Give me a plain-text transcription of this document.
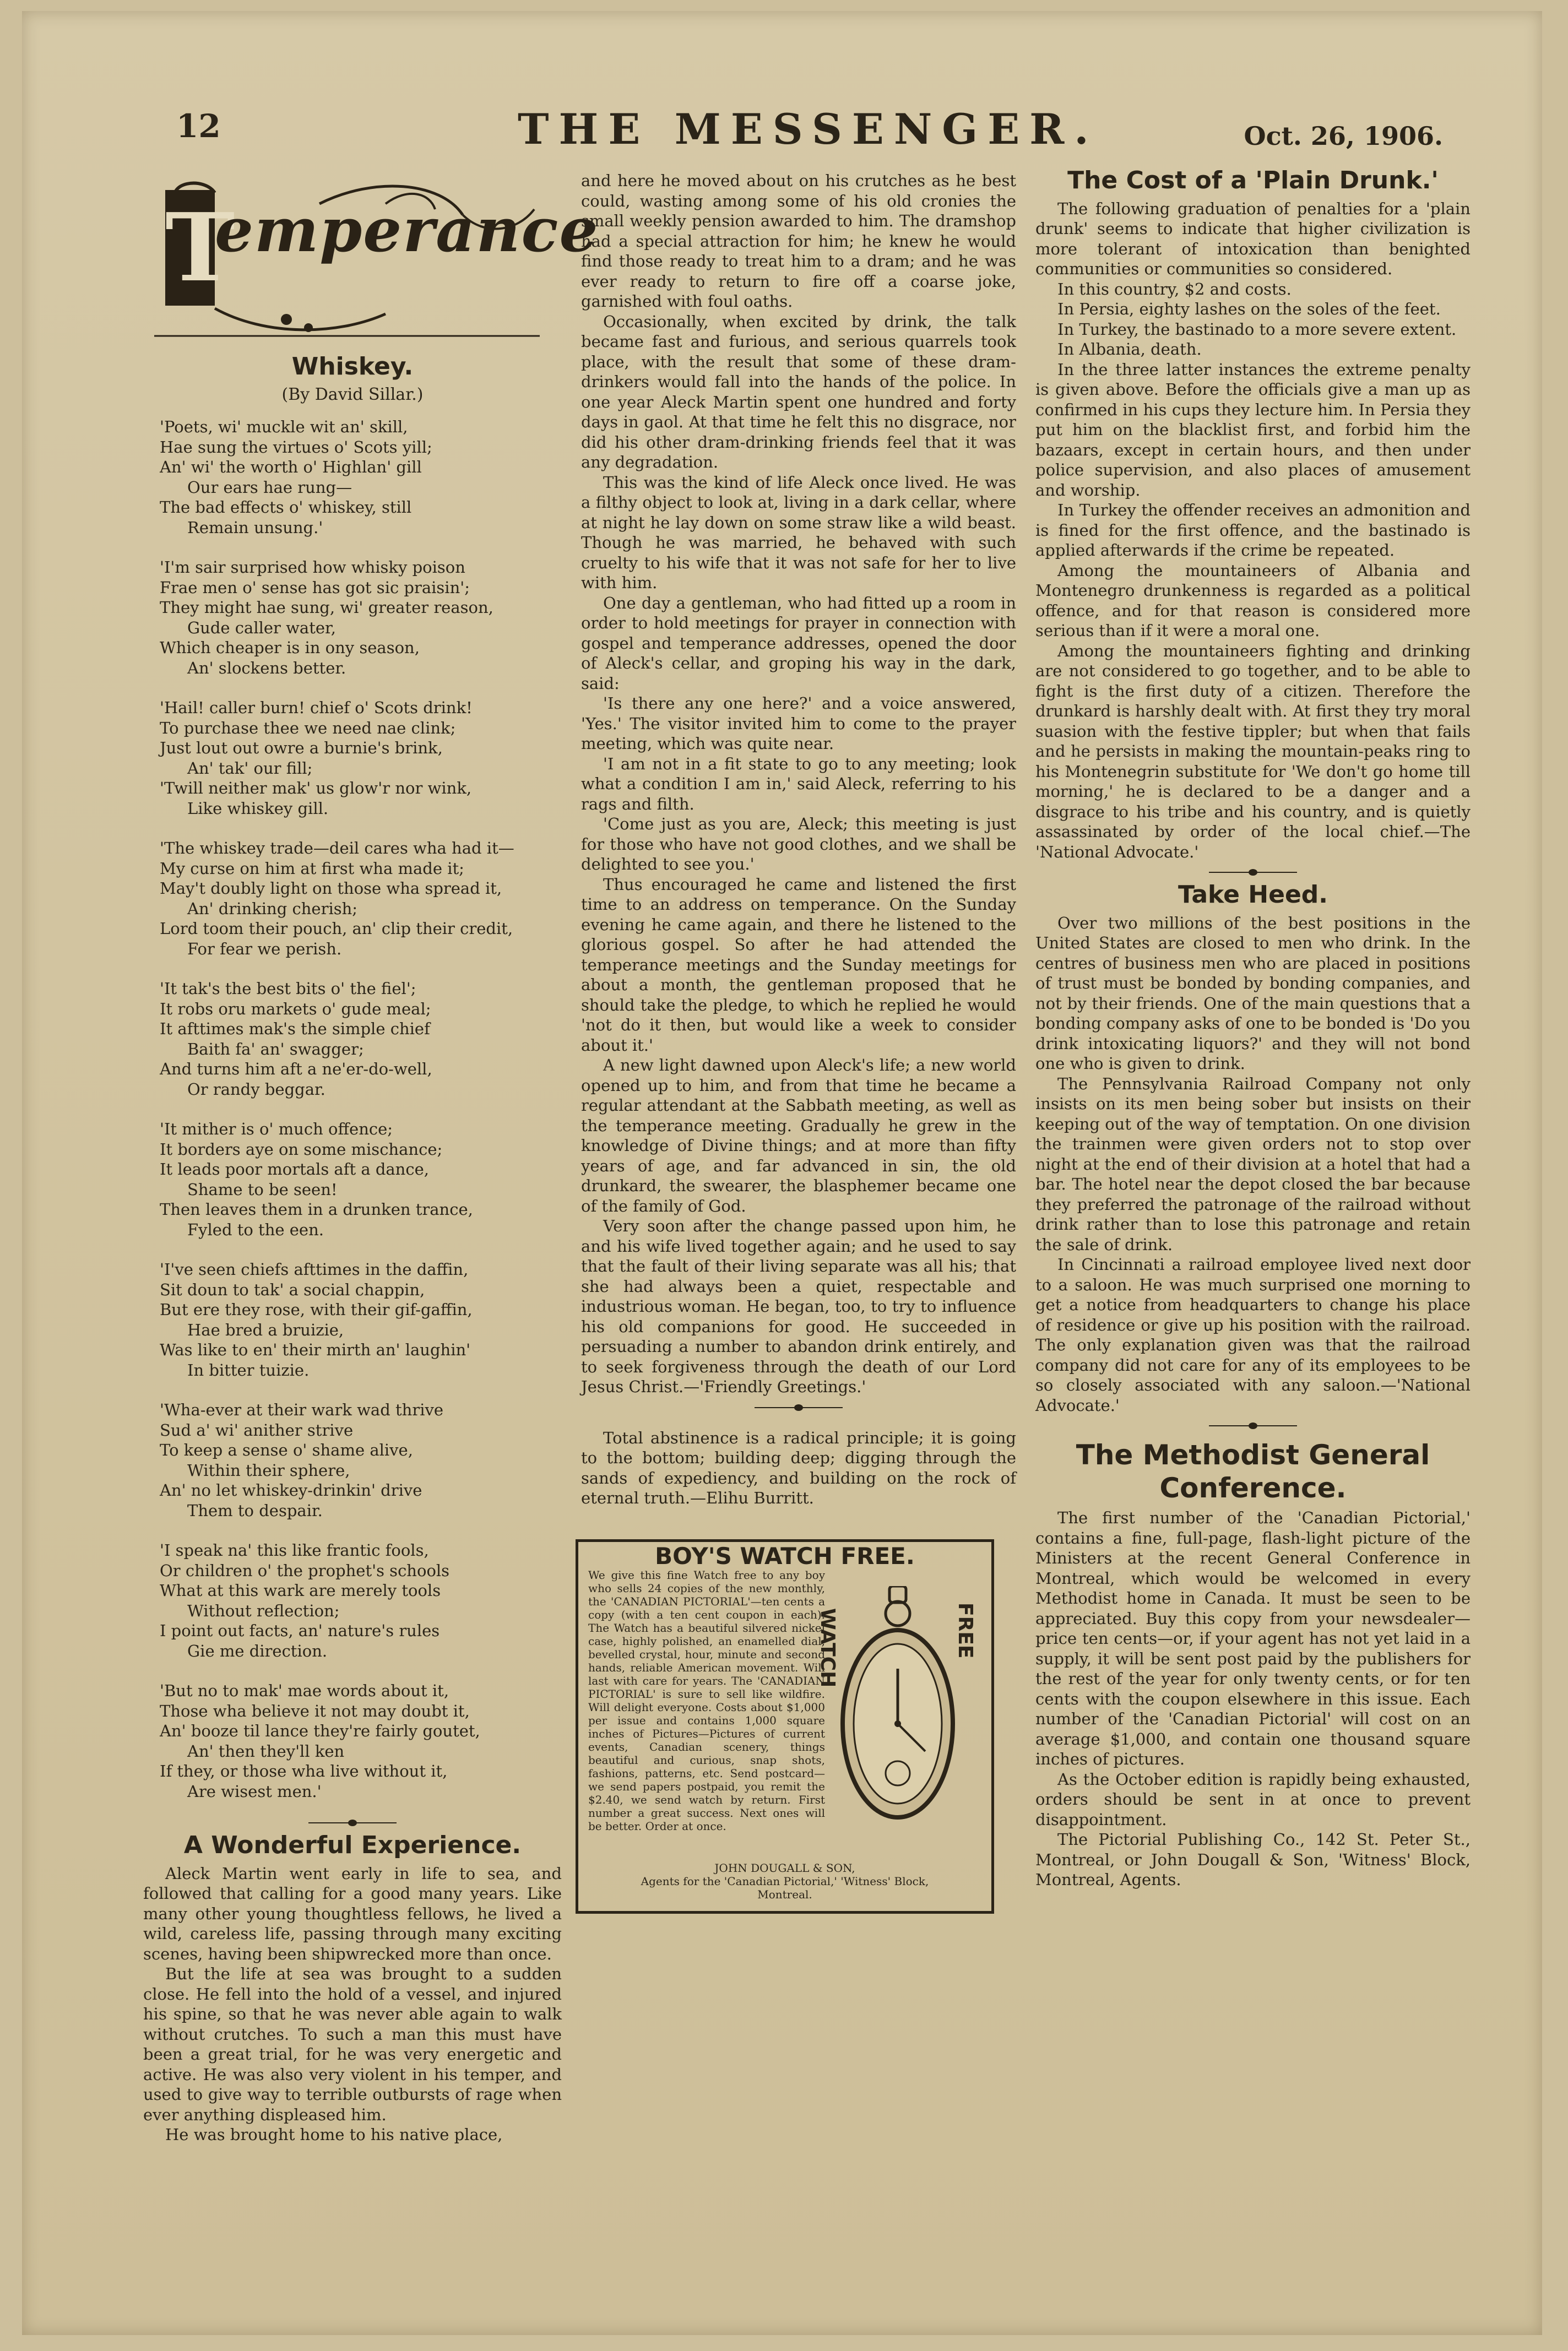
12	THE MESSENGER.	Oct. 26, 1906.
T
emperance
Whiskey.
(By David Sillar.)
'Poets, wi' muckle wit an' skill,
Hae sung the virtues o' Scots yill;
An' wi' the worth o' Highlan' gill
Our ears hae rung—
The bad effects o' whiskey, still
Remain unsung.'
'I'm sair surprised how whisky poison
Frae men o' sense has got sic praisin';
They might hae sung, wi' greater reason,
Gude caller water,
Which cheaper is in ony season,
An' slockens better.
'Hail! caller burn! chief o' Scots drink!
To purchase thee we need nae clink;
Just lout out owre a burnie's brink,
An' tak' our fill;
'Twill neither mak' us glow'r nor wink,
Like whiskey gill.
'The whiskey trade—deil cares wha had it—
My curse on him at first wha made it;
May't doubly light on those wha spread it,
An' drinking cherish;
Lord toom their pouch, an' clip their credit,
For fear we perish.
'It tak's the best bits o' the fiel';
It robs oru markets o' gude meal;
It afttimes mak's the simple chief
Baith fa' an' swagger;
And turns him aft a ne'er-do-well,
Or randy beggar.
'It mither is o' much offence;
It borders aye on some mischance;
It leads poor mortals aft a dance,
Shame to be seen!
Then leaves them in a drunken trance,
Fyled to the een.
'I've seen chiefs afttimes in the daffin,
Sit doun to tak' a social chappin,
But ere they rose, with their gif-gaffin,
Hae bred a bruizie,
Was like to en' their mirth an' laughin'
In bitter tuizie.
'Wha-ever at their wark wad thrive
Sud a' wi' anither strive
To keep a sense o' shame alive,
Within their sphere,
An' no let whiskey-drinkin' drive
Them to despair.
'I speak na' this like frantic fools,
Or children o' the prophet's schools
What at this wark are merely tools
Without reflection;
I point out facts, an' nature's rules
Gie me direction.
'But no to mak' mae words about it,
Those wha believe it not may doubt it,
An' booze til lance they're fairly goutet,
An' then they'll ken
If they, or those wha live without it,
Are wisest men.'
A Wonderful Experience.

Aleck Martin went early in life to sea, and followed that calling for a good many years. Like many other young thoughtless fellows, he lived a wild, careless life, passing through many exciting scenes, having been shipwrecked more than once.

But the life at sea was brought to a sudden close. He fell into the hold of a vessel, and injured his spine, so that he was never able again to walk without crutches. To such a man this must have been a great trial, for he was very energetic and active. He was also very violent in his temper, and used to give way to terrible outbursts of rage when ever anything displeased him.

He was brought home to his native place,

and here he moved about on his crutches as he best could, wasting among some of his old cronies the small weekly pension awarded to him. The dramshop had a special attraction for him; he knew he would find those ready to treat him to a dram; and he was ever ready to return to fire off a coarse joke, garnished with foul oaths.

Occasionally, when excited by drink, the talk became fast and furious, and serious quarrels took place, with the result that some of these dram-drinkers would fall into the hands of the police. In one year Aleck Martin spent one hundred and forty days in gaol. At that time he felt this no disgrace, nor did his other dram-drinking friends feel that it was any degradation.

This was the kind of life Aleck once lived. He was a filthy object to look at, living in a dark cellar, where at night he lay down on some straw like a wild beast. Though he was married, he behaved with such cruelty to his wife that it was not safe for her to live with him.

One day a gentleman, who had fitted up a room in order to hold meetings for prayer in connection with gospel and temperance addresses, opened the door of Aleck's cellar, and groping his way in the dark, said:

'Is there any one here?' and a voice answered, 'Yes.' The visitor invited him to come to the prayer meeting, which was quite near.

'I am not in a fit state to go to any meeting; look what a condition I am in,' said Aleck, referring to his rags and filth.

'Come just as you are, Aleck; this meeting is just for those who have not good clothes, and we shall be delighted to see you.'

Thus encouraged he came and listened the first time to an address on temperance. On the Sunday evening he came again, and there he listened to the glorious gospel. So after he had attended the temperance meetings and the Sunday meetings for about a month, the gentleman proposed that he should take the pledge, to which he replied he would 'not do it then, but would like a week to consider about it.'

A new light dawned upon Aleck's life; a new world opened up to him, and from that time he became a regular attendant at the Sabbath meeting, as well as the temperance meeting. Gradually he grew in the knowledge of Divine things; and at more than fifty years of age, and far advanced in sin, the old drunkard, the swearer, the blasphemer became one of the family of God.

Very soon after the change passed upon him, he and his wife lived together again; and he used to say that the fault of their living separate was all his; that she had always been a quiet, respectable and industrious woman. He began, too, to try to influence his old companions for good. He succeeded in persuading a number to abandon drink entirely, and to seek forgiveness through the death of our Lord Jesus Christ.—'Friendly Greetings.'

Total abstinence is a radical principle; it is going to the bottom; building deep; digging through the sands of expediency, and building on the rock of eternal truth.—Elihu Burritt.

BOY'S WATCH FREE.
We give this fine Watch free to any boy who sells 24 copies of the new monthly, the 'CANADIAN PICTORIAL'—ten cents a copy (with a ten cent coupon in each). The Watch has a beautiful silvered nickel case, highly polished, an enamelled dial, bevelled crystal, hour, minute and second hands, reliable American movement. Will last with care for years. The 'CANADIAN PICTORIAL' is sure to sell like wildfire. Will delight everyone. Costs about $1,000 per issue and contains 1,000 square inches of Pictures—Pictures of current events, Canadian scenery, things beautiful and curious, snap shots, fashions, patterns, etc. Send postcard—we send papers postpaid, you remit the $2.40, we send watch by return. First number a great success. Next ones will be better. Order at once.
WATCH	FREE
JOHN DOUGALL & SON,
Agents for the 'Canadian Pictorial,' 'Witness' Block,
Montreal.
The Cost of a 'Plain Drunk.'

The following graduation of penalties for a 'plain drunk' seems to indicate that higher civilization is more tolerant of intoxication than benighted communities or communities so considered.

In this country, $2 and costs.

In Persia, eighty lashes on the soles of the feet.

In Turkey, the bastinado to a more severe extent.

In Albania, death.

In the three latter instances the extreme penalty is given above. Before the officials give a man up as confirmed in his cups they lecture him. In Persia they put him on the blacklist first, and forbid him the bazaars, except in certain hours, and then under police supervision, and also places of amusement and worship.

In Turkey the offender receives an admonition and is fined for the first offence, and the bastinado is applied afterwards if the crime be repeated.

Among the mountaineers of Albania and Montenegro drunkenness is regarded as a political offence, and for that reason is considered more serious than if it were a moral one.

Among the mountaineers fighting and drinking are not considered to go together, and to be able to fight is the first duty of a citizen. Therefore the drunkard is harshly dealt with. At first they try moral suasion with the festive tippler; but when that fails and he persists in making the mountain-peaks ring to his Montenegrin substitute for 'We don't go home till morning,' he is declared to be a danger and a disgrace to his tribe and his country, and is quietly assassinated by order of the local chief.—The 'National Advocate.'

Take Heed.

Over two millions of the best positions in the United States are closed to men who drink. In the centres of business men who are placed in positions of trust must be bonded by bonding companies, and not by their friends. One of the main questions that a bonding company asks of one to be bonded is 'Do you drink intoxicating liquors?' and they will not bond one who is given to drink.

The Pennsylvania Railroad Company not only insists on its men being sober but insists on their keeping out of the way of temptation. On one division the trainmen were given orders not to stop over night at the end of their division at a hotel that had a bar. The hotel near the depot closed the bar because they preferred the patronage of the railroad without drink rather than to lose this patronage and retain the sale of drink.

In Cincinnati a railroad employee lived next door to a saloon. He was much surprised one morning to get a notice from headquarters to change his place of residence or give up his position with the railroad. The only explanation given was that the railroad company did not care for any of its employees to be so closely associated with any saloon.—'National Advocate.'

The Methodist General
Conference.

The first number of the 'Canadian Pictorial,' contains a fine, full-page, flash-light picture of the Ministers at the recent General Conference in Montreal, which would be welcomed in every Methodist home in Canada. It must be seen to be appreciated. Buy this copy from your newsdealer—price ten cents—or, if your agent has not yet laid in a supply, it will be sent post paid by the publishers for the rest of the year for only twenty cents, or for ten cents with the coupon elsewhere in this issue. Each number of the 'Canadian Pictorial' will cost on an average $1,000, and contain one thousand square inches of pictures.

As the October edition is rapidly being exhausted, orders should be sent in at once to prevent disappointment.

The Pictorial Publishing Co., 142 St. Peter St., Montreal, or John Dougall & Son, 'Witness' Block, Montreal, Agents.
